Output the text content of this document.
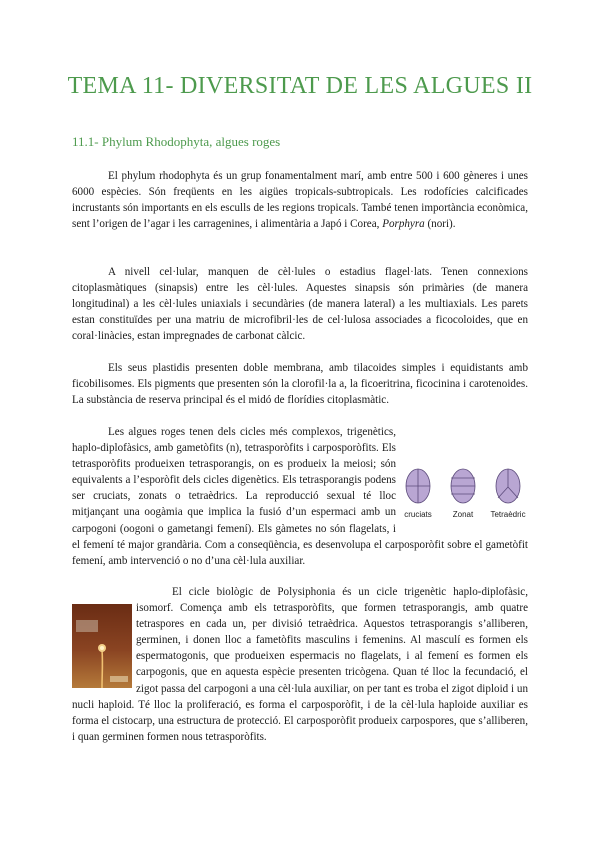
TEMA 11- DIVERSITAT DE LES ALGUES II
11.1- Phylum Rhodophyta, algues roges

El phylum rhodophyta és un grup fonamentalment marí, amb entre 500 i 600 gèneres i unes 6000 espècies. Són freqüents en les aigües tropicals-subtropicals. Les rodofícies calcificades incrustants són importants en els esculls de les regions tropicals. També tenen importància econòmica, sent l’origen de l’agar i les carragenines, i alimentària a Japó i Corea, Porphyra (nori).

A nivell cel·lular, manquen de cèl·lules o estadius flagel·lats. Tenen connexions citoplasmàtiques (sinapsis) entre les cèl·lules. Aquestes sinapsis són primàries (de manera longitudinal) a les cèl·lules uniaxials i secundàries (de manera lateral) a les multiaxials. Les parets estan constituïdes per una matriu de microfibril·les de cel·lulosa associades a ficocoloides, que en coral·linàcies, estan impregnades de carbonat càlcic.

Els seus plastidis presenten doble membrana, amb tilacoides simples i equidistants amb ficobilisomes. Els pigments que presenten són la clorofil·la a, la ficoeritrina, ficocinina i carotenoides. La substància de reserva principal és el midó de florídies citoplasmàtic.

Les algues roges tenen dels cicles més complexos, trigenètics, haplo-diplofàsics, amb gametòfits (n), tetrasporòfits i carposporòfits. Els tetrasporòfits produeixen tetrasporangis, on es produeix la meiosi; són equivalents a l’esporòfit dels cicles digenètics. Els tetrasporangis podens ser cruciats, zonats o tetraèdrics. La reproducció sexual té lloc mitjançant una oogàmia que implica la fusió d’un espermaci amb un carpogoni (oogoni o gametangi femení). Els gàmetes no són flagelats, i el femení té major grandària. Com a conseqüència, es desenvolupa el carposporòfit sobre el gametòfit femení, amb intervenció o no d’una cèl·lula auxiliar.

cruciats	Zonat Tetraèdric

El cicle biològic de Polysiphonia és un cicle trigenètic haplo-diplofàsic, isomorf. Comença amb els tetrasporòfits, que formen tetrasporangis, amb quatre tetraspores en cada un, per divisió tetraèdrica. Aquestos tetrasporangis s’alliberen, germinen, i donen lloc a fametòfits masculins i femenins. Al masculí es formen els espermatogonis, que produeixen espermacis no flagelats, i al femení es formen els carpogonis, que en aquesta espècie presenten tricògena. Quan té lloc la fecundació, el zigot passa del carpogoni a una cèl·lula auxiliar, on per tant es troba el zigot diploid i un nucli haploid. Té lloc la proliferació, es forma el carposporòfit, i de la cèl·lula haploide auxiliar es forma el cistocarp, una estructura de protecció. El carposporòfit produeix carpospores, que s’alliberen, i quan germinen formen nous tetrasporòfits.
